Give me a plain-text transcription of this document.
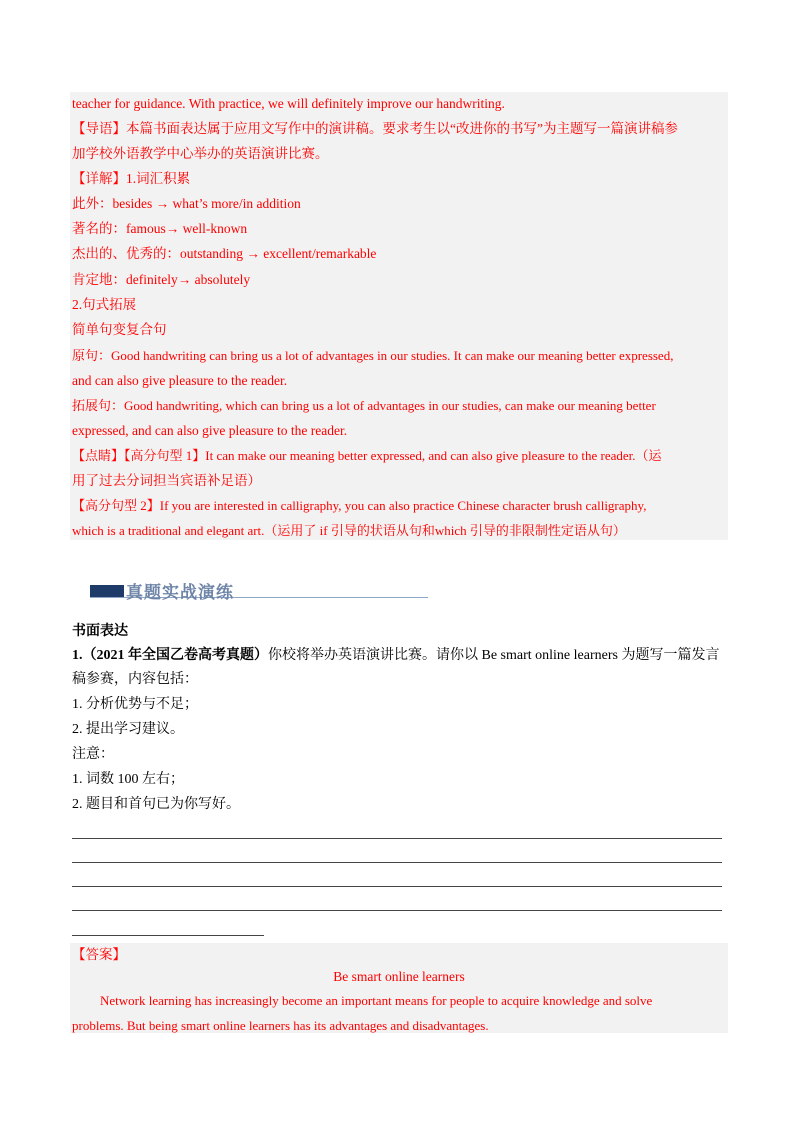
teacher for guidance. With practice, we will definitely improve our handwriting.
【导语】本篇书面表达属于应用文写作中的演讲稿。要求考生以“改进你的书写”为主题写一篇演讲稿参
加学校外语教学中心举办的英语演讲比赛。
【详解】1.词汇积累
此外：besides → what’s more/in addition
著名的：famous→ well-known
杰出的、优秀的：outstanding → excellent/remarkable
肯定地：definitely→ absolutely
2.句式拓展
简单句变复合句
原句：Good handwriting can bring us a lot of advantages in our studies. It can make our meaning better expressed,
and can also give pleasure to the reader.
拓展句：Good handwriting, which can bring us a lot of advantages in our studies, can make our meaning better
expressed, and can also give pleasure to the reader.
【点睛】【高分句型 1】It can make our meaning better expressed, and can also give pleasure to the reader.（运
用了过去分词担当宾语补足语）
【高分句型 2】If you are interested in calligraphy, you can also practice Chinese character brush calligraphy,
which is a traditional and elegant art.（运用了 if 引导的状语从句和which 引导的非限制性定语从句）
真题实战演练
书面表达
1.（2021 年全国乙卷高考真题）你校将举办英语演讲比赛。请你以 Be smart online learners 为题写一篇发言
稿参赛，内容包括：
1. 分析优势与不足；
2. 提出学习建议。
注意：
1. 词数 100 左右；
2. 题目和首句已为你写好。
【答案】
Be smart online learners
Network learning has increasingly become an important means for people to acquire knowledge and solve
problems. But being smart online learners has its advantages and disadvantages.
